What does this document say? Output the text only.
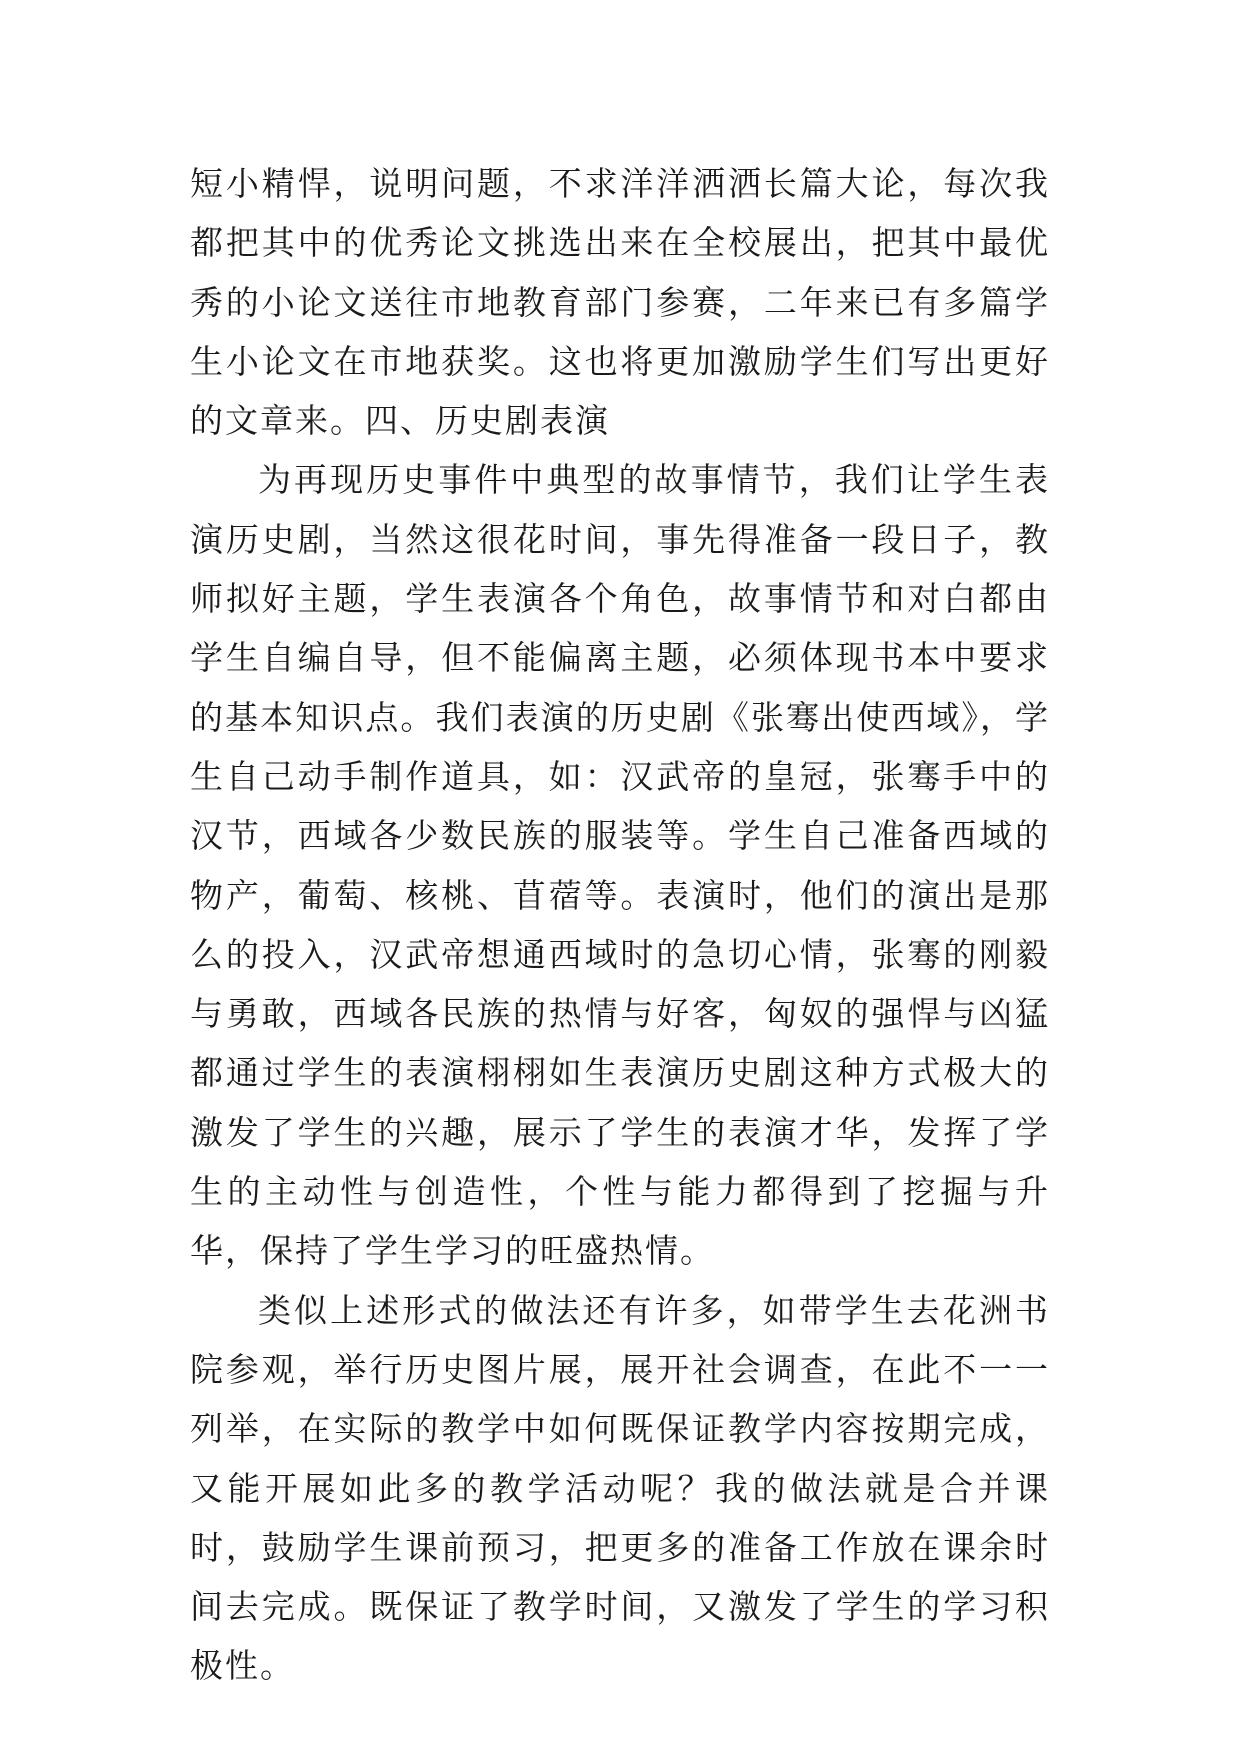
短小精悍，说明问题，不求洋洋洒洒长篇大论，每次我都把其中的优秀论文挑选出来在全校展出，把其中最优秀的小论文送往市地教育部门参赛，二年来已有多篇学生小论文在市地获奖。这也将更加激励学生们写出更好的文章来。四、历史剧表演

为再现历史事件中典型的故事情节，我们让学生表演历史剧，当然这很花时间，事先得准备一段日子，教师拟好主题，学生表演各个角色，故事情节和对白都由学生自编自导，但不能偏离主题，必须体现书本中要求的基本知识点。我们表演的历史剧《张骞出使西域》，学生自己动手制作道具，如：汉武帝的皇冠，张骞手中的汉节，西域各少数民族的服装等。学生自己准备西域的物产，葡萄、核桃、苜蓿等。表演时，他们的演出是那么的投入，汉武帝想通西域时的急切心情，张骞的刚毅与勇敢，西域各民族的热情与好客，匈奴的强悍与凶猛都通过学生的表演栩栩如生表演历史剧这种方式极大的激发了学生的兴趣，展示了学生的表演才华，发挥了学生的主动性与创造性，个性与能力都得到了挖掘与升华，保持了学生学习的旺盛热情。

类似上述形式的做法还有许多，如带学生去花洲书院参观，举行历史图片展，展开社会调查，在此不一一列举，在实际的教学中如何既保证教学内容按期完成，又能开展如此多的教学活动呢？我的做法就是合并课时，鼓励学生课前预习，把更多的准备工作放在课余时间去完成。既保证了教学时间，又激发了学生的学习积极性。
